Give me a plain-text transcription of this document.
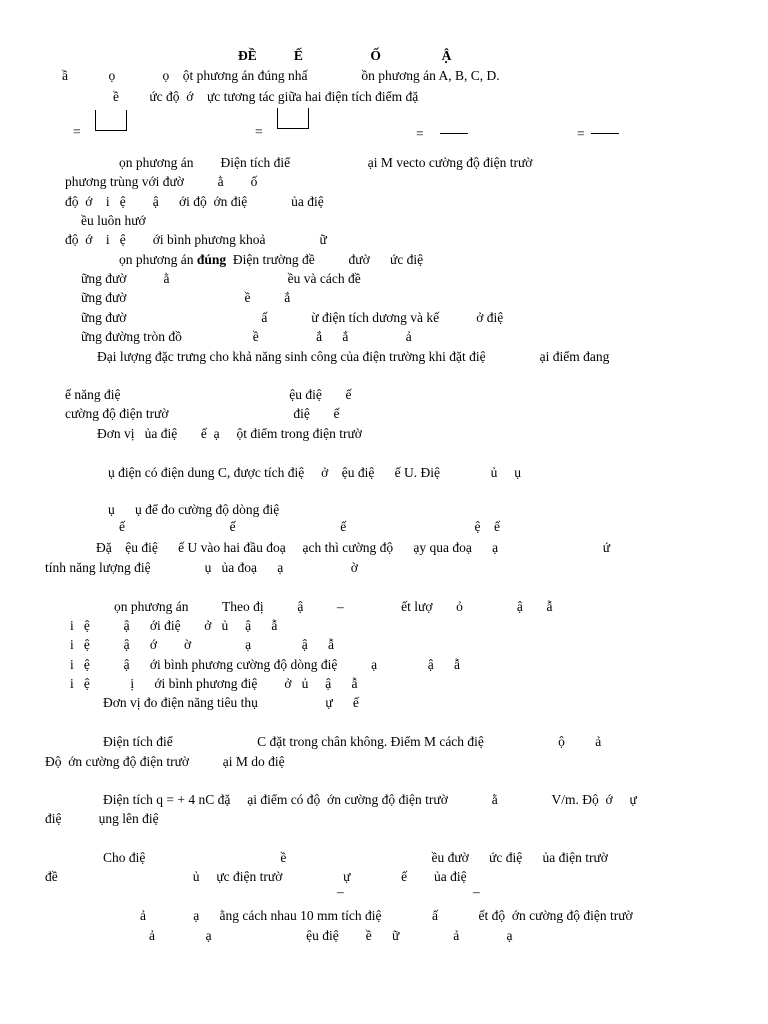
ĐỀ           Ế                    Ố                  Ậ
ầ            ọ              ọ    ột phương án đúng nhấ                ồn phương án A, B, C, D.
ề         ức độ  ớ    ực tương tác giữa hai điện tích điểm đặ
=	=	=	=
ọn phương án        Điện tích điể                       ại M vecto cường độ điện trườ
phương trùng với đườ          ằ        ố
độ  ớ    i   ệ        ậ      ới độ  ớn điệ             ủa điệ
ều luôn hướ
độ  ớ    i   ệ        ới bình phương khoả                ữ
ọn phương án đúng Điện trường đề          đườ      ức điệ
ững đườ           ằ                                   ều và cách đề
ững đườ                                   ề          ắ
ững đườ                                        ấ             ừ điện tích dương và kế           ở điệ
ững đường tròn đồ                     ề                 ắ      ắ                 ả
Đại lượng đặc trưng cho khả năng sinh công của điện trường khi đặt điệ                ại điểm đang
ế năng điệ                                                  ệu điệ       ế
cường độ điện trườ                                     điệ       ế
Đơn vị   ủa điệ       ế  ạ     ột điểm trong điện trườ
ụ điện có điện dung C, được tích điệ     ở    ệu điệ      ế U. Điệ               ủ     ụ
ụ      ụ để đo cường độ dòng điệ
ế                               ế                               ế                                      ệ    ế
Đặ    ệu điệ      ế U vào hai đầu đoạ     ạch thì cường độ      ạy qua đoạ      ạ                               ứ
tính năng lượng điệ                ụ   ủa đoạ      ạ                    ờ
ọn phương án          Theo đị          ậ          –                 ết lượ       ỏ                ậ       ẫ
i   ệ          ậ      ới điệ       ở   ủ     ậ      ẫ
i   ệ          ậ      ớ        ờ                ạ               ậ      ẫ
i   ệ          ậ      ới bình phương cường độ dòng điệ          ạ               ậ      ẫ
i   ệ            ị      ới bình phương điệ        ở   ủ     ậ      ẫ
Đơn vị đo điện năng tiêu thụ                    ự      ế
Điện tích điể                         C đặt trong chân không. Điểm M cách điệ                      ộ         ả
Độ  ớn cường độ điện trườ          ại M do điệ
Điện tích q = + 4 nC đặ     ại điểm có độ  ớn cường độ điện trườ             ằ                V/m. Độ  ớ     ự
điệ           ụng lên điệ
Cho điệ                                        ề                                           ều đườ      ức điệ      ủa điện trườ
đề                                        ủ     ực điện trườ                  ự               ế        ủa điệ
–	–
ả              ạ      ằng cách nhau 10 mm tích điệ               ấ            ết độ  ớn cường độ điện trườ
ả               ạ                            ệu điệ        ề      ữ                ả              ạ
